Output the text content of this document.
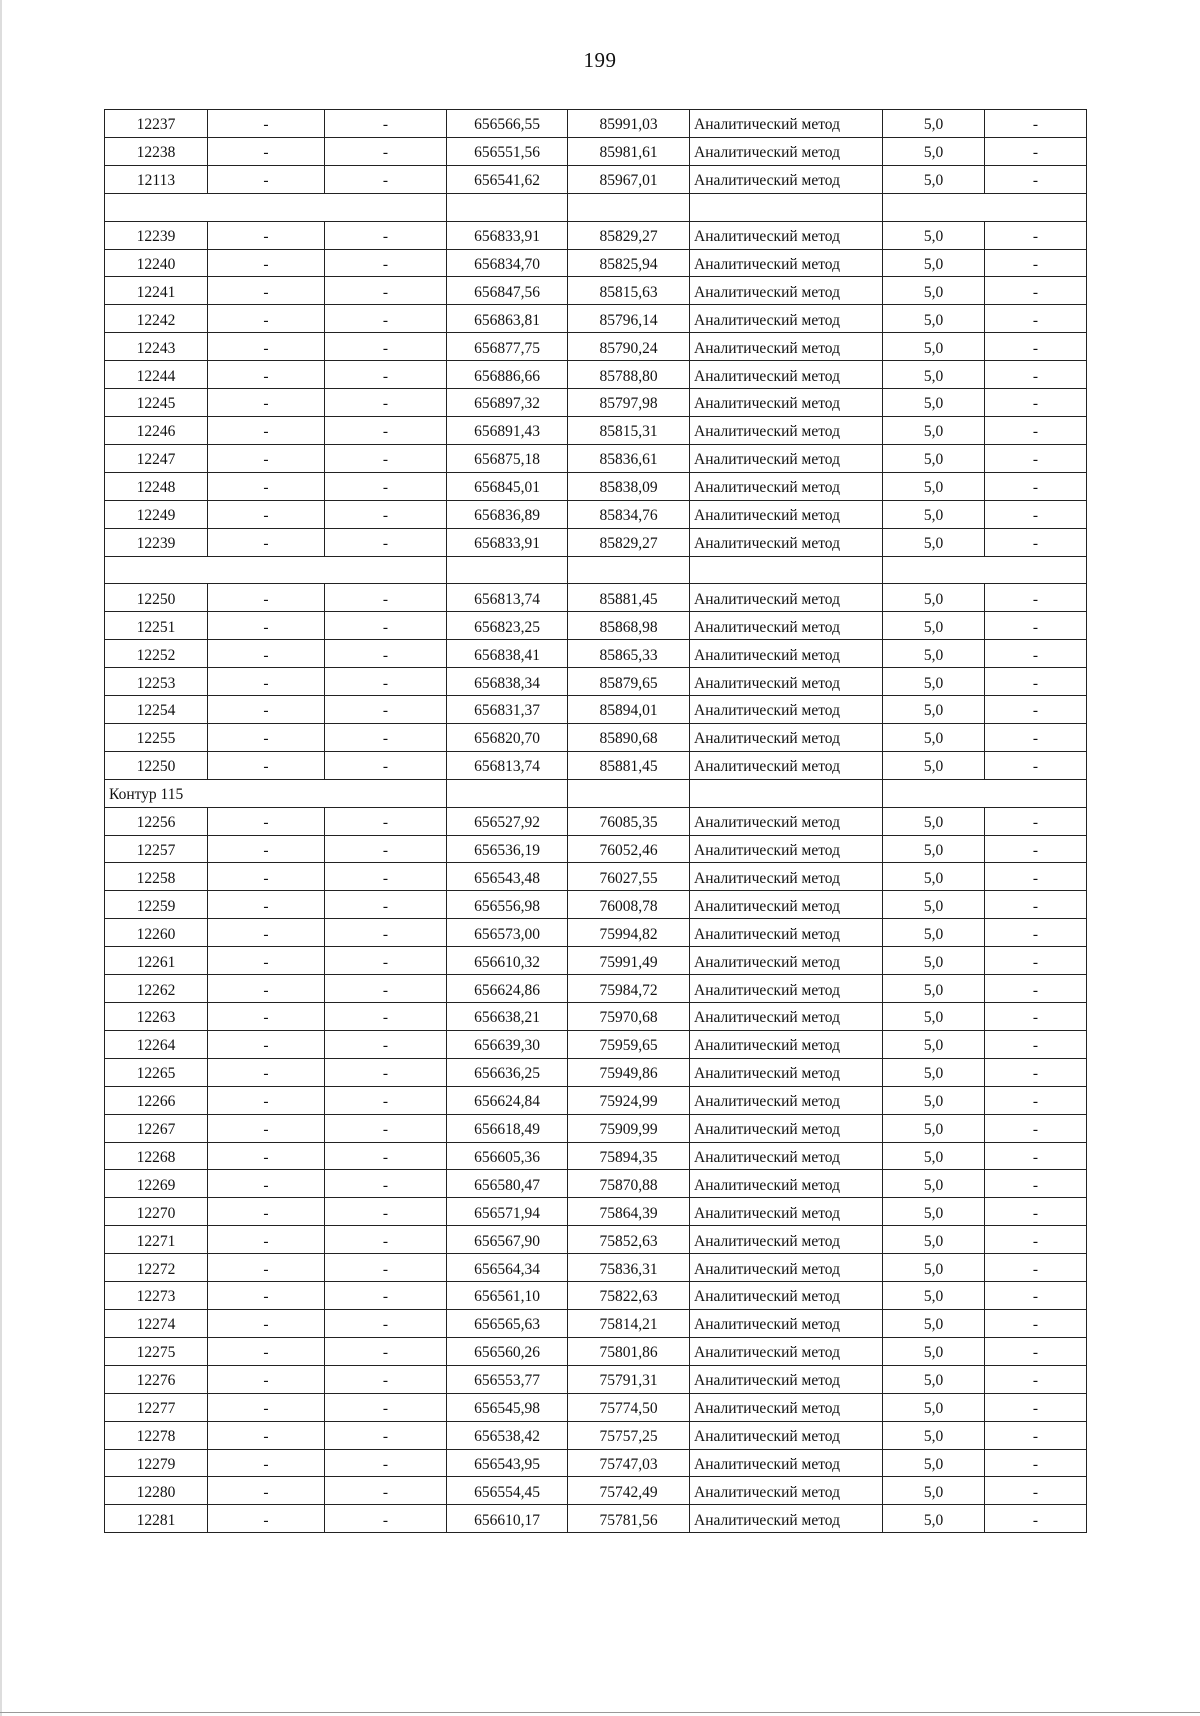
199
12237	-	-	656566,55	85991,03	Аналитический метод	5,0	-
12238	-	-	656551,56	85981,61	Аналитический метод	5,0	-
12113	-	-	656541,62	85967,01	Аналитический метод	5,0	-

12239	-	-	656833,91	85829,27	Аналитический метод	5,0	-
12240	-	-	656834,70	85825,94	Аналитический метод	5,0	-
12241	-	-	656847,56	85815,63	Аналитический метод	5,0	-
12242	-	-	656863,81	85796,14	Аналитический метод	5,0	-
12243	-	-	656877,75	85790,24	Аналитический метод	5,0	-
12244	-	-	656886,66	85788,80	Аналитический метод	5,0	-
12245	-	-	656897,32	85797,98	Аналитический метод	5,0	-
12246	-	-	656891,43	85815,31	Аналитический метод	5,0	-
12247	-	-	656875,18	85836,61	Аналитический метод	5,0	-
12248	-	-	656845,01	85838,09	Аналитический метод	5,0	-
12249	-	-	656836,89	85834,76	Аналитический метод	5,0	-
12239	-	-	656833,91	85829,27	Аналитический метод	5,0	-

12250	-	-	656813,74	85881,45	Аналитический метод	5,0	-
12251	-	-	656823,25	85868,98	Аналитический метод	5,0	-
12252	-	-	656838,41	85865,33	Аналитический метод	5,0	-
12253	-	-	656838,34	85879,65	Аналитический метод	5,0	-
12254	-	-	656831,37	85894,01	Аналитический метод	5,0	-
12255	-	-	656820,70	85890,68	Аналитический метод	5,0	-
12250	-	-	656813,74	85881,45	Аналитический метод	5,0	-
Контур 115							
12256	-	-	656527,92	76085,35	Аналитический метод	5,0	-
12257	-	-	656536,19	76052,46	Аналитический метод	5,0	-
12258	-	-	656543,48	76027,55	Аналитический метод	5,0	-
12259	-	-	656556,98	76008,78	Аналитический метод	5,0	-
12260	-	-	656573,00	75994,82	Аналитический метод	5,0	-
12261	-	-	656610,32	75991,49	Аналитический метод	5,0	-
12262	-	-	656624,86	75984,72	Аналитический метод	5,0	-
12263	-	-	656638,21	75970,68	Аналитический метод	5,0	-
12264	-	-	656639,30	75959,65	Аналитический метод	5,0	-
12265	-	-	656636,25	75949,86	Аналитический метод	5,0	-
12266	-	-	656624,84	75924,99	Аналитический метод	5,0	-
12267	-	-	656618,49	75909,99	Аналитический метод	5,0	-
12268	-	-	656605,36	75894,35	Аналитический метод	5,0	-
12269	-	-	656580,47	75870,88	Аналитический метод	5,0	-
12270	-	-	656571,94	75864,39	Аналитический метод	5,0	-
12271	-	-	656567,90	75852,63	Аналитический метод	5,0	-
12272	-	-	656564,34	75836,31	Аналитический метод	5,0	-
12273	-	-	656561,10	75822,63	Аналитический метод	5,0	-
12274	-	-	656565,63	75814,21	Аналитический метод	5,0	-
12275	-	-	656560,26	75801,86	Аналитический метод	5,0	-
12276	-	-	656553,77	75791,31	Аналитический метод	5,0	-
12277	-	-	656545,98	75774,50	Аналитический метод	5,0	-
12278	-	-	656538,42	75757,25	Аналитический метод	5,0	-
12279	-	-	656543,95	75747,03	Аналитический метод	5,0	-
12280	-	-	656554,45	75742,49	Аналитический метод	5,0	-
12281	-	-	656610,17	75781,56	Аналитический метод	5,0	-
